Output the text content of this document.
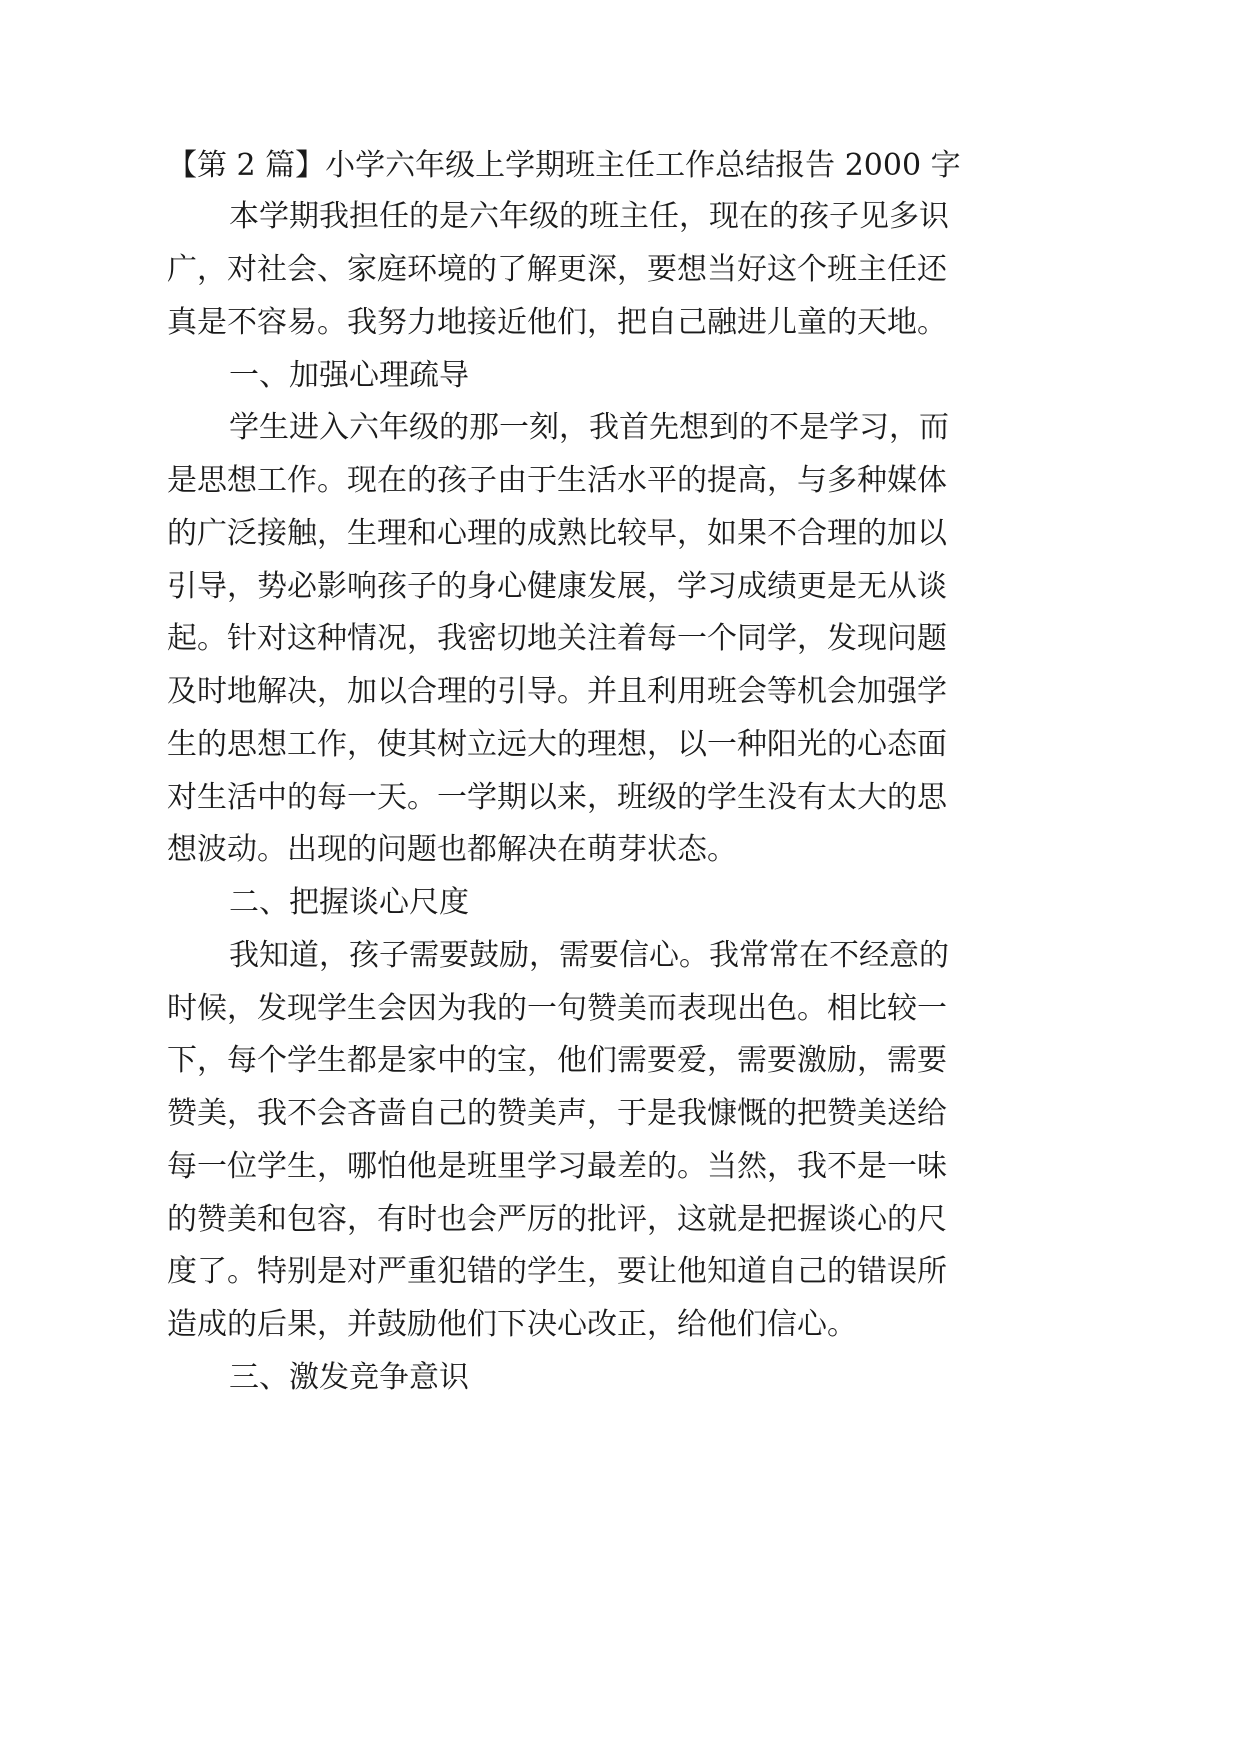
【第 2 篇】小学六年级上学期班主任工作总结报告 2000 字

本学期我担任的是六年级的班主任，现在的孩子见多识

广，对社会、家庭环境的了解更深，要想当好这个班主任还

真是不容易。我努力地接近他们，把自己融进儿童的天地。

一、加强心理疏导

学生进入六年级的那一刻，我首先想到的不是学习，而

是思想工作。现在的孩子由于生活水平的提高，与多种媒体

的广泛接触，生理和心理的成熟比较早，如果不合理的加以

引导，势必影响孩子的身心健康发展，学习成绩更是无从谈

起。针对这种情况，我密切地关注着每一个同学，发现问题

及时地解决，加以合理的引导。并且利用班会等机会加强学

生的思想工作，使其树立远大的理想，以一种阳光的心态面

对生活中的每一天。一学期以来，班级的学生没有太大的思

想波动。出现的问题也都解决在萌芽状态。

二、把握谈心尺度

我知道，孩子需要鼓励，需要信心。我常常在不经意的

时候，发现学生会因为我的一句赞美而表现出色。相比较一

下，每个学生都是家中的宝，他们需要爱，需要激励，需要

赞美，我不会吝啬自己的赞美声，于是我慷慨的把赞美送给

每一位学生，哪怕他是班里学习最差的。当然，我不是一味

的赞美和包容，有时也会严厉的批评，这就是把握谈心的尺

度了。特别是对严重犯错的学生，要让他知道自己的错误所

造成的后果，并鼓励他们下决心改正，给他们信心。

三、激发竞争意识
